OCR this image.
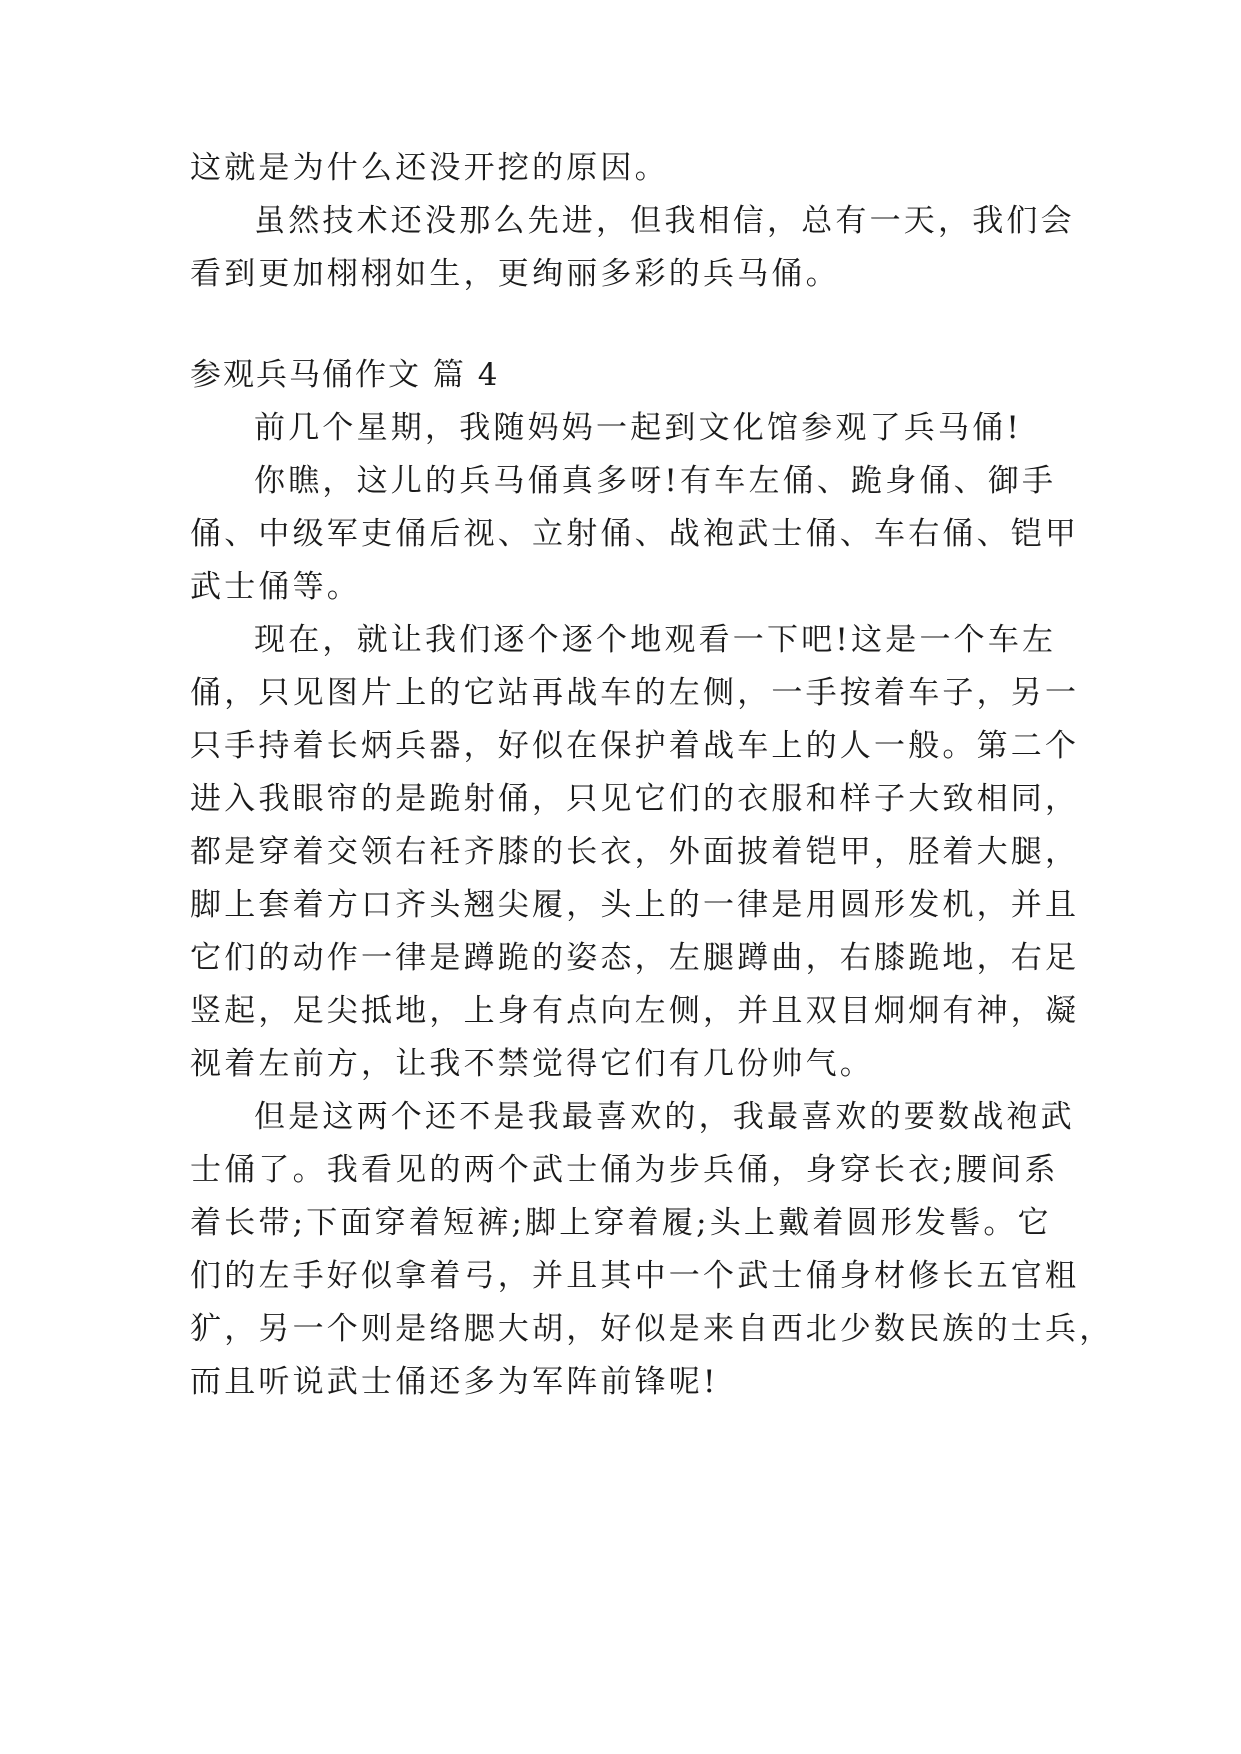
这就是为什么还没开挖的原因。
虽然技术还没那么先进，但我相信，总有一天，我们会
看到更加栩栩如生，更绚丽多彩的兵马俑。
参观兵马俑作文 篇 4
前几个星期，我随妈妈一起到文化馆参观了兵马俑!
你瞧，这儿的兵马俑真多呀!有车左俑、跪身俑、御手
俑、中级军吏俑后视、立射俑、战袍武士俑、车右俑、铠甲
武士俑等。
现在，就让我们逐个逐个地观看一下吧!这是一个车左
俑，只见图片上的它站再战车的左侧，一手按着车子，另一
只手持着长炳兵器，好似在保护着战车上的人一般。第二个
进入我眼帘的是跪射俑，只见它们的衣服和样子大致相同，
都是穿着交领右衽齐膝的长衣，外面披着铠甲，胫着大腿，
脚上套着方口齐头翘尖履，头上的一律是用圆形发机，并且
它们的动作一律是蹲跪的姿态，左腿蹲曲，右膝跪地，右足
竖起，足尖抵地，上身有点向左侧，并且双目炯炯有神，凝
视着左前方，让我不禁觉得它们有几份帅气。
但是这两个还不是我最喜欢的，我最喜欢的要数战袍武
士俑了。我看见的两个武士俑为步兵俑，身穿长衣;腰间系
着长带;下面穿着短裤;脚上穿着履;头上戴着圆形发髻。它
们的左手好似拿着弓，并且其中一个武士俑身材修长五官粗
犷，另一个则是络腮大胡，好似是来自西北少数民族的士兵，
而且听说武士俑还多为军阵前锋呢!
